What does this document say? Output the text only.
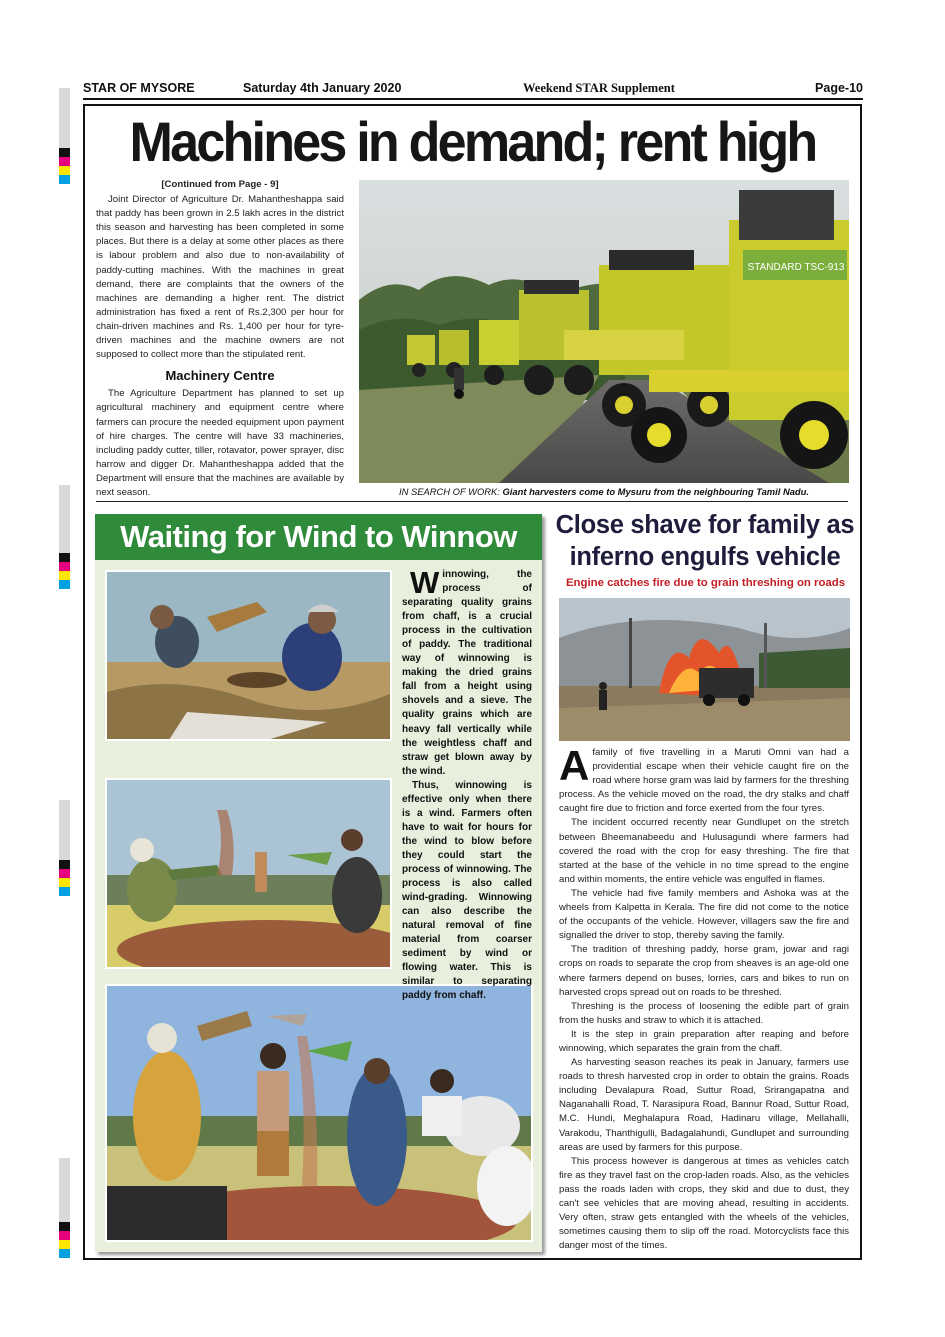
STAR OF MYSORE	Saturday 4th January 2020	Weekend STAR Supplement	Page-10
Machines in demand; rent high
[Continued from Page - 9]

Joint Director of Agriculture Dr. Mahantheshappa said that paddy has been grown in 2.5 lakh acres in the district this season and harvesting has been completed in some places. But there is a delay at some other places as there is labour problem and also due to non-availability of paddy-cutting machines. With the machines in great demand, there are complaints that the owners of the machines are demanding a higher rent. The district administration has fixed a rent of Rs.2,300 per hour for chain-driven machines and Rs. 1,400 per hour for tyre-driven machines and the machine owners are not supposed to collect more than the stipulated rent.

Machinery Centre

The Agriculture Department has planned to set up agricultural machinery and equipment centre where farmers can procure the needed equipment upon payment of hire charges. The centre will have 33 machineries, including paddy cutter, tiller, rotavator, power sprayer, disc harrow and digger Dr. Mahantheshappa added that the Department will ensure that the machines are available by next season.

STANDARD TSC-913
IN SEARCH OF WORK: Giant harvesters come to Mysuru from the neighbouring Tamil Nadu.
Waiting for Wind to Winnow

Winnowing, the process of separating quality grains from chaff, is a crucial process in the cultivation of paddy. The traditional way of winnowing is making the dried grains fall from a height using shovels and a sieve. The quality grains which are heavy fall vertically while the weightless chaff and straw get blown away by the wind.

Thus, winnowing is effective only when there is a wind. Farmers often have to wait for hours for the wind to blow before they could start the process of winnowing. The process is also called wind-grading. Winnowing can also describe the natural removal of fine material from coarser sediment by wind or flowing water. This is similar to separating paddy from chaff.

Close shave for family as inferno engulfs vehicle
Engine catches fire due to grain threshing on roads

Afamily of five travelling in a Maruti Omni van had a providential escape when their vehicle caught fire on the road where horse gram was laid by farmers for the threshing process. As the vehicle moved on the road, the dry stalks and chaff caught fire due to friction and force exerted from the four tyres.

The incident occurred recently near Gundlupet on the stretch between Bheemanabeedu and Hulusagundi where farmers had covered the road with the crop for easy threshing. The fire that started at the base of the vehicle in no time spread to the engine and within moments, the entire vehicle was engulfed in flames.

The vehicle had five family members and Ashoka was at the wheels from Kalpetta in Kerala. The fire did not come to the notice of the occupants of the vehicle. However, villagers saw the fire and signalled the driver to stop, thereby saving the family.

The tradition of threshing paddy, horse gram, jowar and ragi crops on roads to separate the crop from sheaves is an age-old one where farmers depend on buses, lorries, cars and bikes to run on harvested crops spread out on roads to be threshed.

Threshing is the process of loosening the edible part of grain from the husks and straw to which it is attached.

It is the step in grain preparation after reaping and before winnowing, which separates the grain from the chaff.

As harvesting season reaches its peak in January, farmers use roads to thresh harvested crop in order to obtain the grains. Roads including Devalapura Road, Suttur Road, Srirangapatna and Naganahalli Road, T. Narasipura Road, Bannur Road, Suttur Road, M.C. Hundi, Meghalapura Road, Hadinaru village, Mellahalli, Varakodu, Thanthigulli, Badagalahundi, Gundlupet and surrounding areas are used by farmers for this purpose.

This process however is dangerous at times as vehicles catch fire as they travel fast on the crop-laden roads. Also, as the vehicles pass the roads laden with crops, they skid and due to dust, they can't see vehicles that are moving ahead, resulting in accidents. Very often, straw gets entangled with the wheels of the vehicles, sometimes causing them to slip off the road. Motorcyclists face this danger most of the times.
